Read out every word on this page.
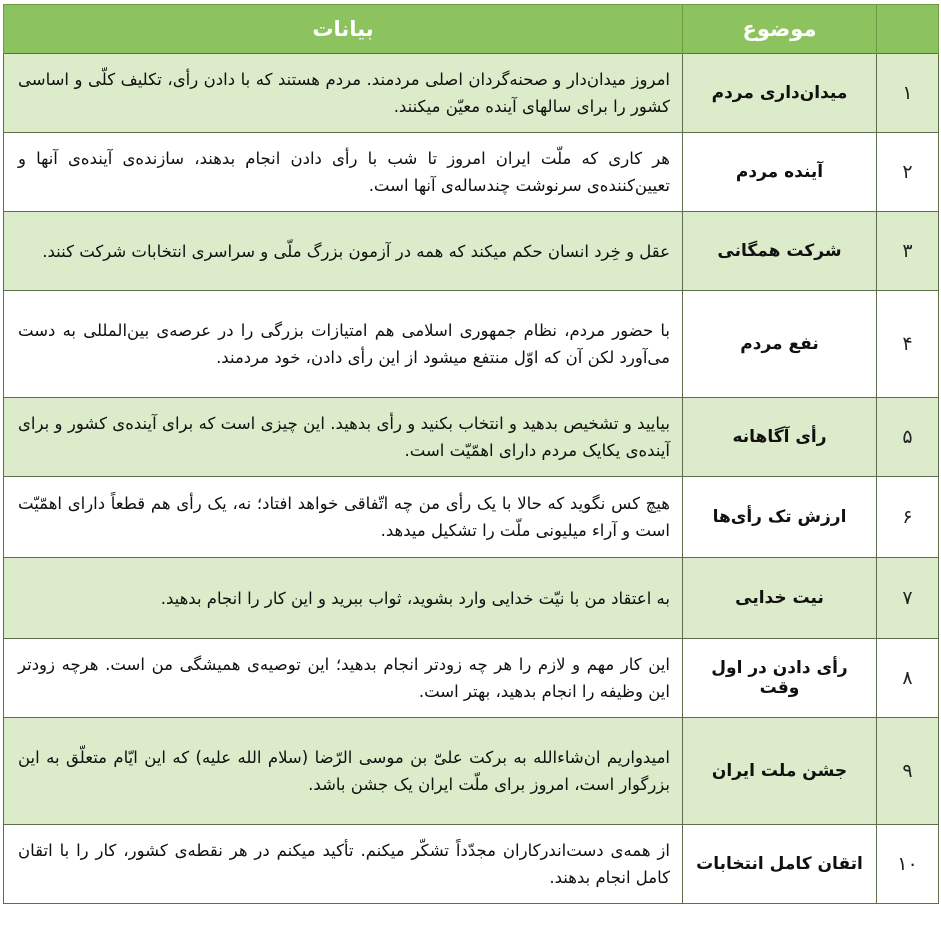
	موضوع	بیانات
۱	میدان‌داری مردم	امروز میدان‌دار و صحنه‌گردان اصلی مردمند. مردم هستند که با دادن رأی، تکلیف کلّی و اساسی کشور را برای سالهای آینده معیّن میکنند.
۲	آینده مردم	هر کاری که ملّت ایران امروز تا شب با رأی دادن انجام بدهند، سازنده‌ی آینده‌ی آنها و تعیین‌کننده‌ی سرنوشت چندساله‌ی آنها است.
۳	شرکت همگانی	عقل و خِرد انسان حکم میکند که همه در آزمون بزرگ ملّی و سراسری انتخابات شرکت کنند.
۴	نفع مردم	با حضور مردم، نظام جمهوری اسلامی هم امتیازات بزرگی را در عرصه‌ی بین‌المللی به دست می‌آورد لکن آن که اوّل منتفع میشود از این رأی دادن، خود مردمند.
۵	رأی آگاهانه	بیایید و تشخیص بدهید و انتخاب بکنید و رأی بدهید. این چیزی است که برای آینده‌ی کشور و برای آینده‌ی یکایک مردم دارای اهمّیّت است.
۶	ارزش تک رأی‌ها	هیچ کس نگوید که حالا با یک رأی من چه اتّفاقی خواهد افتاد؛ نه، یک رأی هم قطعاً دارای اهمّیّت است و آراء میلیونی ملّت را تشکیل میدهد.
۷	نیت خدایی	به اعتقاد من با نیّت خدایی وارد بشوید، ثواب ببرید و این کار را انجام بدهید.
۸	رأی دادن در اول وقت	این کار مهم و لازم را هر چه زودتر انجام بدهید؛ این توصیه‌ی همیشگی من است. هرچه زودتر این وظیفه را انجام بدهید، بهتر است.
۹	جشن ملت ایران	امیدواریم ان‌شاءالله به برکت علیّ بن موسی الرّضا (سلام الله علیه) که این ایّام متعلّق به این بزرگوار است، امروز برای ملّت ایران یک جشن باشد.
۱۰	اتقان کامل انتخابات	از همه‌ی دست‌اندرکاران مجدّداً تشکّر میکنم. تأکید میکنم در هر نقطه‌ی کشور، کار را با اتقان کامل انجام بدهند.
